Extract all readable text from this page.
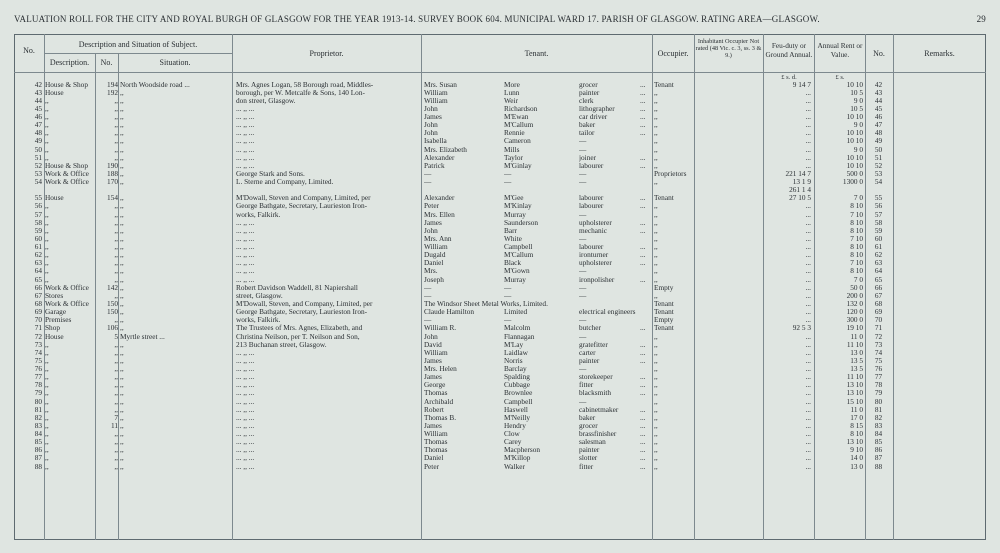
VALUATION ROLL FOR THE CITY AND ROYAL BURGH OF GLASGOW FOR THE YEAR 1913-14. SURVEY BOOK 604. MUNICIPAL WARD 17. PARISH OF GLASGOW. RATING AREA—GLASGOW.	29
No.
Description and Situation of Subject.
Description.	No.	Situation.
Proprietor.	Tenant.	Occupier.
Inhabitant Occupier Not rated (48 Vic. c. 3, ss. 3 & 9.)
Feu-duty or Ground Annual.
Annual Rent or Value.	No.	Remarks.
£ s. d.	£ s.
42 House & Shop	194 North Woodside road ...	Mrs. Agnes Logan, 58 Borough road, Middles-	Mrs. Susan	More	grocer	...	Tenant	9 14 7	10 10	42
43 House	192 ,,	borough, per W. Metcalfe & Sons, 140 Lon-	William	Lunn	painter	...	,,	...	10 5	43
44 ,,	,, ,,	don street, Glasgow.	William	Weir	clerk	...	,,	...	9 0	44
45 ,,	,, ,,	... ,, ...	John	Richardson	lithographer	...	,,	...	10 5	45
46 ,,	,, ,,	... ,, ...	James	M'Ewan	car driver	...	,,	...	10 10	46
47 ,,	,, ,,	... ,, ...	John	M'Callum	baker	...	,,	...	9 0	47
48 ,,	,, ,,	... ,, ...	John	Rennie	tailor	...	,,	...	10 10	48
49 ,,	,, ,,	... ,, ...	Isabella	Cameron	—	,,	...	10 10	49
50 ,,	,, ,,	... ,, ...	Mrs. Elizabeth	Mills	—	,,	...	9 0	50
51 ,,	,, ,,	... ,, ...	Alexander	Taylor	joiner	...	,,	...	10 10	51
52 House & Shop	190 ,,	... ,, ...	Patrick	M'Ginlay	labourer	...	,,	...	10 10	52
53 Work & Office	188 ,,	George Stark and Sons.	—	—	—	Proprietors	221 14 7	500 0	53
54 Work & Office	170 ,,	L. Sterne and Company, Limited.	—	—	—	,,	13 1 9	1300 0	54
261 1 4
55 House	154 ,,	M'Dowall, Steven and Company, Limited, per	Alexander	M'Gee	labourer	...	Tenant	27 10 5	7 0	55
56 ,,	,, ,,	George Bathgate, Secretary, Laurieston Iron-	Peter	M'Kinlay	labourer	...	,,	...	8 10	56
57 ,,	,, ,,	works, Falkirk.	Mrs. Ellen	Murray	—	,,	...	7 10	57
58 ,,	,, ,,	... ,, ...	James	Saunderson	upholsterer	...	,,	...	8 10	58
59 ,,	,, ,,	... ,, ...	John	Barr	mechanic	...	,,	...	8 10	59
60 ,,	,, ,,	... ,, ...	Mrs. Ann	White	—	,,	...	7 10	60
61 ,,	,, ,,	... ,, ...	William	Campbell	labourer	...	,,	...	8 10	61
62 ,,	,, ,,	... ,, ...	Dugald	M'Callum	ironturner	...	,,	...	8 10	62
63 ,,	,, ,,	... ,, ...	Daniel	Black	upholsterer	...	,,	...	7 10	63
64 ,,	,, ,,	... ,, ...	Mrs.	M'Gown	—	,,	...	8 10	64
65 ,,	,, ,,	... ,, ...	Joseph	Murray	ironpolisher	...	,,	...	7 0	65
66 Work & Office	142 ,,	Robert Davidson Waddell, 81 Napiershall	—	—	—	Empty	...	50 0	66
67 Stores	,, ,,	street, Glasgow.	—	—	—	,,	...	200 0	67
68 Work & Office	150 ,,	M'Dowall, Steven, and Company, Limited, per	The Windsor Sheet Metal Works, Limited.	Tenant	...	132 0	68
69 Garage	150 ,,	George Bathgate, Secretary, Laurieston Iron-	Claude Hamilton	Limited	electrical engineers	Tenant	...	120 0	69
70 Premises	,, ,,	works, Falkirk.	—	—	—	Empty	...	300 0	70
71 Shop	106 ,,	The Trustees of Mrs. Agnes, Elizabeth, and	William R.	Malcolm	butcher	...	Tenant	92 5 3	19 10	71
72 House	5 Myrtle street ...	Christina Neilson, per T. Neilson and Son,	John	Flannagan	—	,,	...	11 0	72
73 ,,	,, ,,	213 Buchanan street, Glasgow.	David	M'Lay	gratefitter	...	,,	...	11 10	73
74 ,,	,, ,,	... ,, ...	William	Laidlaw	carter	...	,,	...	13 0	74
75 ,,	,, ,,	... ,, ...	James	Norris	painter	...	,,	...	13 5	75
76 ,,	,, ,,	... ,, ...	Mrs. Helen	Barclay	—	,,	...	13 5	76
77 ,,	,, ,,	... ,, ...	James	Spalding	storekeeper	...	,,	...	11 10	77
78 ,,	,, ,,	... ,, ...	George	Cubbage	fitter	...	,,	...	13 10	78
79 ,,	,, ,,	... ,, ...	Thomas	Brownlee	blacksmith	...	,,	...	13 10	79
80 ,,	,, ,,	... ,, ...	Archibald	Campbell	—	,,	...	15 10	80
81 ,,	,, ,,	... ,, ...	Robert	Haswell	cabinetmaker	...	,,	...	11 0	81
82 ,,	7 ,,	... ,, ...	Thomas B.	M'Neilly	baker	...	,,	...	17 0	82
83 ,,	11 ,,	... ,, ...	James	Hendry	grocer	...	,,	...	8 15	83
84 ,,	,, ,,	... ,, ...	William	Clow	brassfinisher	...	,,	...	8 10	84
85 ,,	,, ,,	... ,, ...	Thomas	Carey	salesman	...	,,	...	13 10	85
86 ,,	,, ,,	... ,, ...	Thomas	Macpherson	painter	...	,,	...	9 10	86
87 ,,	,, ,,	... ,, ...	Daniel	M'Killop	slotter	...	,,	...	14 0	87
88 ,,	,, ,,	... ,, ...	Peter	Walker	fitter	...	,,	...	13 0	88
